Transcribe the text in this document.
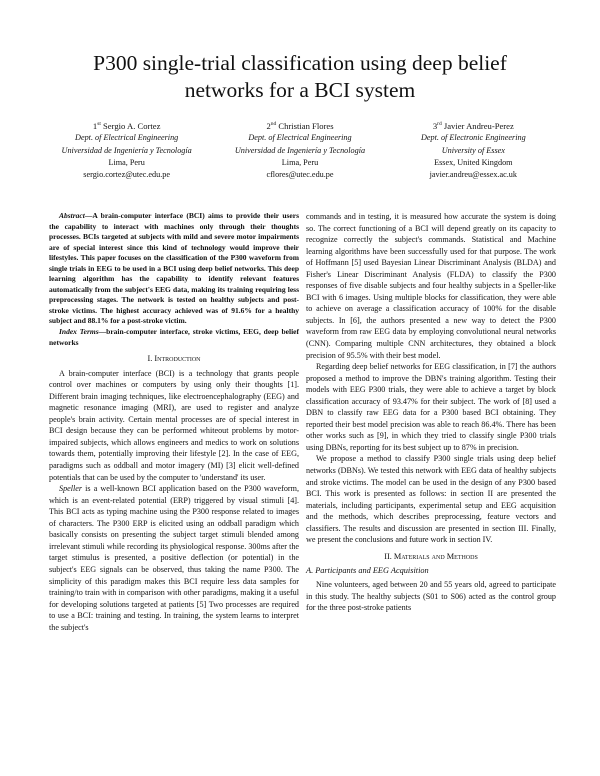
P300 single-trial classification using deep belief
networks for a BCI system
1st Sergio A. Cortez
Dept. of Electrical Engineering
Universidad de Ingeniería y Tecnología
Lima, Peru
sergio.cortez@utec.edu.pe
2nd Christian Flores
Dept. of Electrical Engineering
Universidad de Ingeniería y Tecnología
Lima, Peru
cflores@utec.edu.pe
3rd Javier Andreu-Perez
Dept. of Electronic Engineering
University of Essex
Essex, United Kingdom
javier.andreu@essex.ac.uk

Abstract—A brain-computer interface (BCI) aims to provide their users the capability to interact with machines only through their thoughts processes. BCIs targeted at subjects with mild and severe motor impairments are of special interest since this kind of technology would improve their lifestyles. This paper focuses on the classification of the P300 waveform from single trials in EEG to be used in a BCI using deep belief networks. This deep learning algorithm has the capability to identify relevant features automatically from the subject's EEG data, making its training requiring less preprocessing stages. The network is tested on healthy subjects and post-stroke victims. The highest accuracy achieved was of 91.6% for a healthy subject and 88.1% for a post-stroke victim.

Index Terms—brain-computer interface, stroke victims, EEG, deep belief networks

I. Introduction

A brain-computer interface (BCI) is a technology that grants people control over machines or computers by using only their thoughts [1]. Different brain imaging techniques, like electroencephalography (EEG) and magnetic resonance imaging (MRI), are used to register and analyze people's brain activity. Certain mental processes are of special interest in BCI design because they can be performed whiteout problems by motor-impaired subjects, which allows engineers and medics to work on solutions towards them, potentially improving their lifestyle [2]. In the case of EEG, paradigms such as oddball and motor imagery (MI) [3] elicit well-defined potentials that can be used by the computer to 'understand' its user.

Speller is a well-known BCI application based on the P300 waveform, which is an event-related potential (ERP) triggered by visual stimuli [4]. This BCI acts as typing machine using the P300 response related to images of characters. The P300 ERP is elicited using an oddball paradigm which basically consists on presenting the subject target stimuli blended among irrelevant stimuli while recording its physiological response. 300ms after the target stimulus is presented, a positive deflection (or potential) in the subject's EEG signals can be observed, thus taking the name P300. The simplicity of this paradigm makes this BCI require less data samples for training/to train with in comparison with other paradigms, making it a useful for developing solutions targeted at patients [5] Two processes are required to use a BCI: training and testing. In training, the system learns to interpret the subject's

commands and in testing, it is measured how accurate the system is doing so. The correct functioning of a BCI will depend greatly on its capacity to recognize correctly the subject's commands. Statistical and Machine learning algorithms have been successfully used for that purpose. The work of Hoffmann [5] used Bayesian Linear Discriminant Analysis (BLDA) and Fisher's Linear Discriminant Analysis (FLDA) to classify the P300 responses of five disable subjects and four healthy subjects in a Speller-like BCI with 6 images. Using multiple blocks for classification, they were able to achieve on average a classification accuracy of 100% for the disable subjects. In [6], the authors presented a new way to detect the P300 waveform from raw EEG data by employing convolutional neural networks (CNN). Comparing multiple CNN architectures, they obtained a block precision of 95.5% with their best model.

Regarding deep belief networks for EEG classification, in [7] the authors proposed a method to improve the DBN's training algorithm. Testing their models with EEG P300 trials, they were able to achieve a target by block classification accuracy of 93.47% for their subject. The work of [8] used a DBN to classify raw EEG data for a P300 based BCI obtaining. They reported their best model precision was able to reach 86.4%. There has been other works such as [9], in which they tried to classify single P300 trials using DBNs, reporting for its best subject up to 87% in precision.

We propose a method to classify P300 single trials using deep belief networks (DBNs). We tested this network with EEG data of healthy subjects and stroke victims. The model can be used in the design of any P300 based BCI. This work is presented as follows: in section II are presented the materials, including participants, experimental setup and EEG acquisition and the methods, which describes preprocessing, feature vectors and classifiers. The results and discussion are presented in section III. Finally, we present the conclusions and future work in section IV.

II. Materials and Methods
A. Participants and EEG Acquisition

Nine volunteers, aged between 20 and 55 years old, agreed to participate in this study. The healthy subjects (S01 to S06) acted as the control group for the three post-stroke patients
